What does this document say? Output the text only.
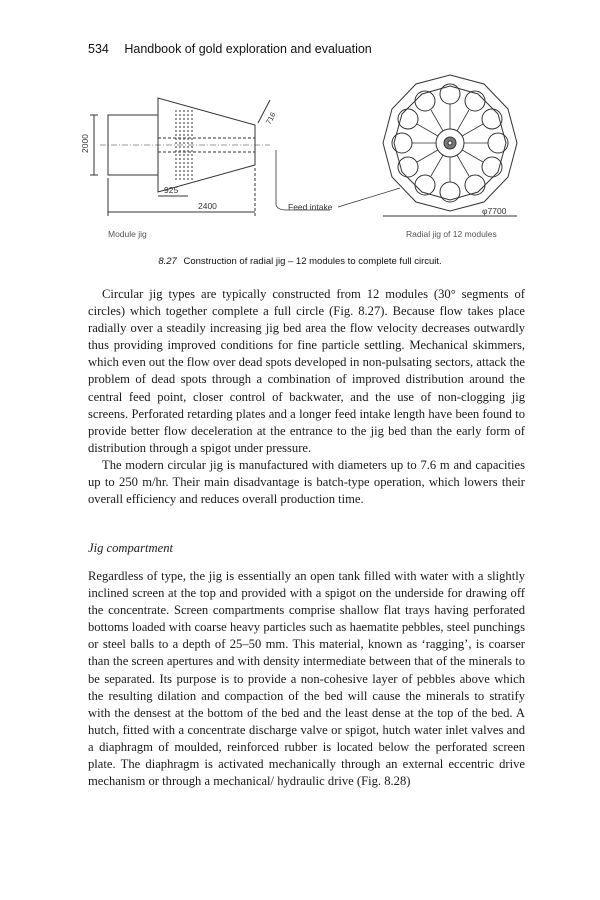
534 Handbook of gold exploration and evaluation
2000
925
2400
716
Module jig
Feed intake	φ7700
Radial jig of 12 modules
8.27 Construction of radial jig – 12 modules to complete full circuit.

Circular jig types are typically constructed from 12 modules (30° segments of circles) which together complete a full circle (Fig. 8.27). Because flow takes place radially over a steadily increasing jig bed area the flow velocity decreases outwardly thus providing improved conditions for fine particle settling. Mechanical skimmers, which even out the flow over dead spots developed in non-pulsating sectors, attack the problem of dead spots through a combination of improved distribution around the central feed point, closer control of backwater, and the use of non-clogging jig screens. Perforated retarding plates and a longer feed intake length have been found to provide better flow deceleration at the entrance to the jig bed than the early form of distribution through a spigot under pressure.

The modern circular jig is manufactured with diameters up to 7.6 m and capacities up to 250 m/hr. Their main disadvantage is batch-type operation, which lowers their overall efficiency and reduces overall production time.

Jig compartment

Regardless of type, the jig is essentially an open tank filled with water with a slightly inclined screen at the top and provided with a spigot on the underside for drawing off the concentrate. Screen compartments comprise shallow flat trays having perforated bottoms loaded with coarse heavy particles such as haematite pebbles, steel punchings or steel balls to a depth of 25–50 mm. This material, known as ‘ragging’, is coarser than the screen apertures and with density intermediate between that of the minerals to be separated. Its purpose is to provide a non-cohesive layer of pebbles above which the resulting dilation and compaction of the bed will cause the minerals to stratify with the densest at the bottom of the bed and the least dense at the top of the bed. A hutch, fitted with a concentrate discharge valve or spigot, hutch water inlet valves and a diaphragm of moulded, reinforced rubber is located below the perforated screen plate. The diaphragm is activated mechanically through an external eccentric drive mechanism or through a mechanical/ hydraulic drive (Fig. 8.28)
